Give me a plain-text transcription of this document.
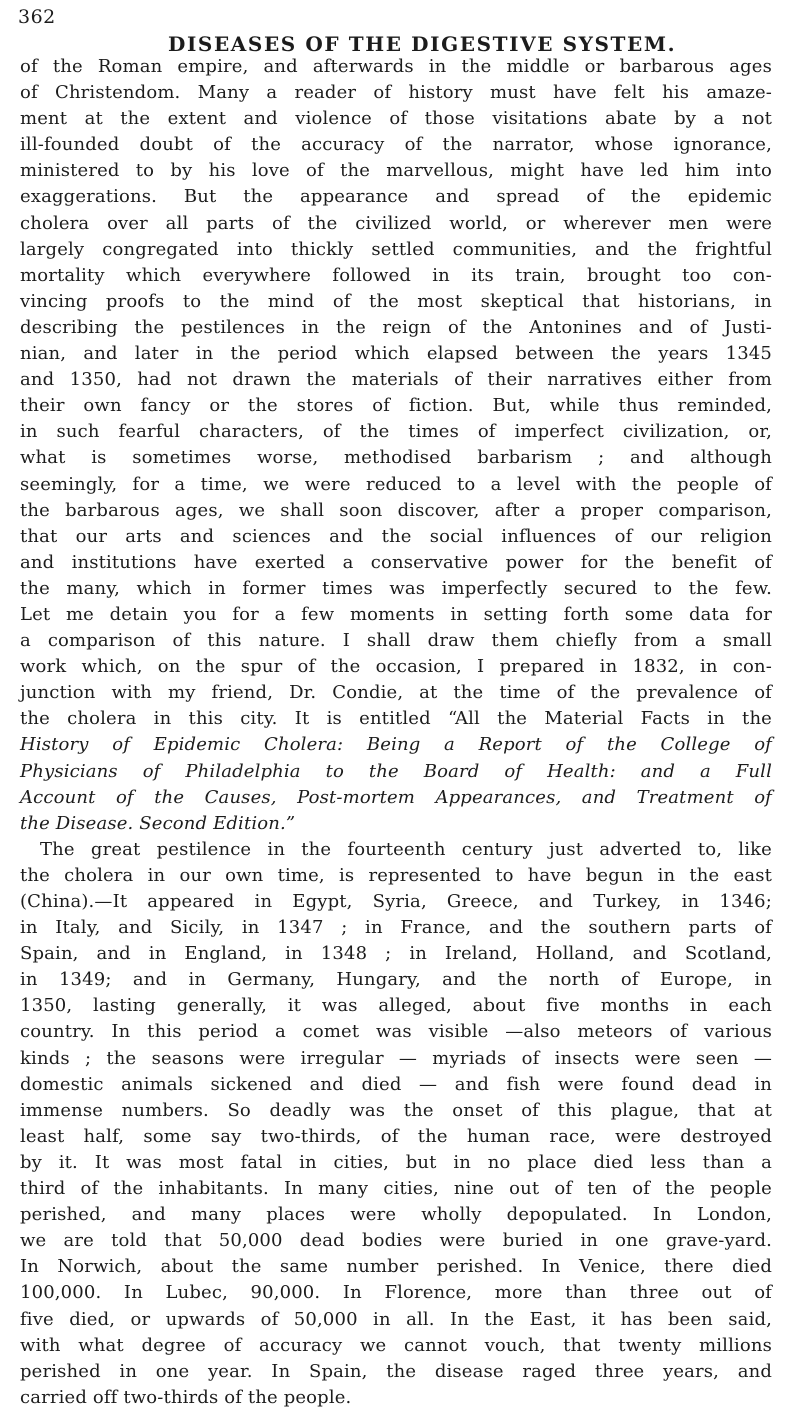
362
DISEASES OF THE DIGESTIVE SYSTEM.
of the Roman empire, and afterwards in the middle or barbarous ages
of Christendom. Many a reader of history must have felt his amaze-
ment at the extent and violence of those visitations abate by a not
ill-founded doubt of the accuracy of the narrator, whose ignorance,
ministered to by his love of the marvellous, might have led him into
exaggerations. But the appearance and spread of the epidemic
cholera over all parts of the civilized world, or wherever men were
largely congregated into thickly settled communities, and the frightful
mortality which everywhere followed in its train, brought too con-
vincing proofs to the mind of the most skeptical that historians, in
describing the pestilences in the reign of the Antonines and of Justi-
nian, and later in the period which elapsed between the years 1345
and 1350, had not drawn the materials of their narratives either from
their own fancy or the stores of fiction. But, while thus reminded,
in such fearful characters, of the times of imperfect civilization, or,
what is sometimes worse, methodised barbarism ; and although
seemingly, for a time, we were reduced to a level with the people of
the barbarous ages, we shall soon discover, after a proper comparison,
that our arts and sciences and the social influences of our religion
and institutions have exerted a conservative power for the benefit of
the many, which in former times was imperfectly secured to the few.
Let me detain you for a few moments in setting forth some data for
a comparison of this nature. I shall draw them chiefly from a small
work which, on the spur of the occasion, I prepared in 1832, in con-
junction with my friend, Dr. Condie, at the time of the prevalence of
the cholera in this city. It is entitled “All the Material Facts in the
History of Epidemic Cholera: Being a Report of the College of
Physicians of Philadelphia to the Board of Health: and a Full
Account of the Causes, Post-mortem Appearances, and Treatment of
the Disease. Second Edition.”
The great pestilence in the fourteenth century just adverted to, like
the cholera in our own time, is represented to have begun in the east
(China).—It appeared in Egypt, Syria, Greece, and Turkey, in 1346;
in Italy, and Sicily, in 1347 ; in France, and the southern parts of
Spain, and in England, in 1348 ; in Ireland, Holland, and Scotland,
in 1349; and in Germany, Hungary, and the north of Europe, in
1350, lasting generally, it was alleged, about five months in each
country. In this period a comet was visible —also meteors of various
kinds ; the seasons were irregular — myriads of insects were seen —
domestic animals sickened and died — and fish were found dead in
immense numbers. So deadly was the onset of this plague, that at
least half, some say two-thirds, of the human race, were destroyed
by it. It was most fatal in cities, but in no place died less than a
third of the inhabitants. In many cities, nine out of ten of the people
perished, and many places were wholly depopulated. In London,
we are told that 50,000 dead bodies were buried in one grave-yard.
In Norwich, about the same number perished. In Venice, there died
100,000. In Lubec, 90,000. In Florence, more than three out of
five died, or upwards of 50,000 in all. In the East, it has been said,
with what degree of accuracy we cannot vouch, that twenty millions
perished in one year. In Spain, the disease raged three years, and
carried off two-thirds of the people.
